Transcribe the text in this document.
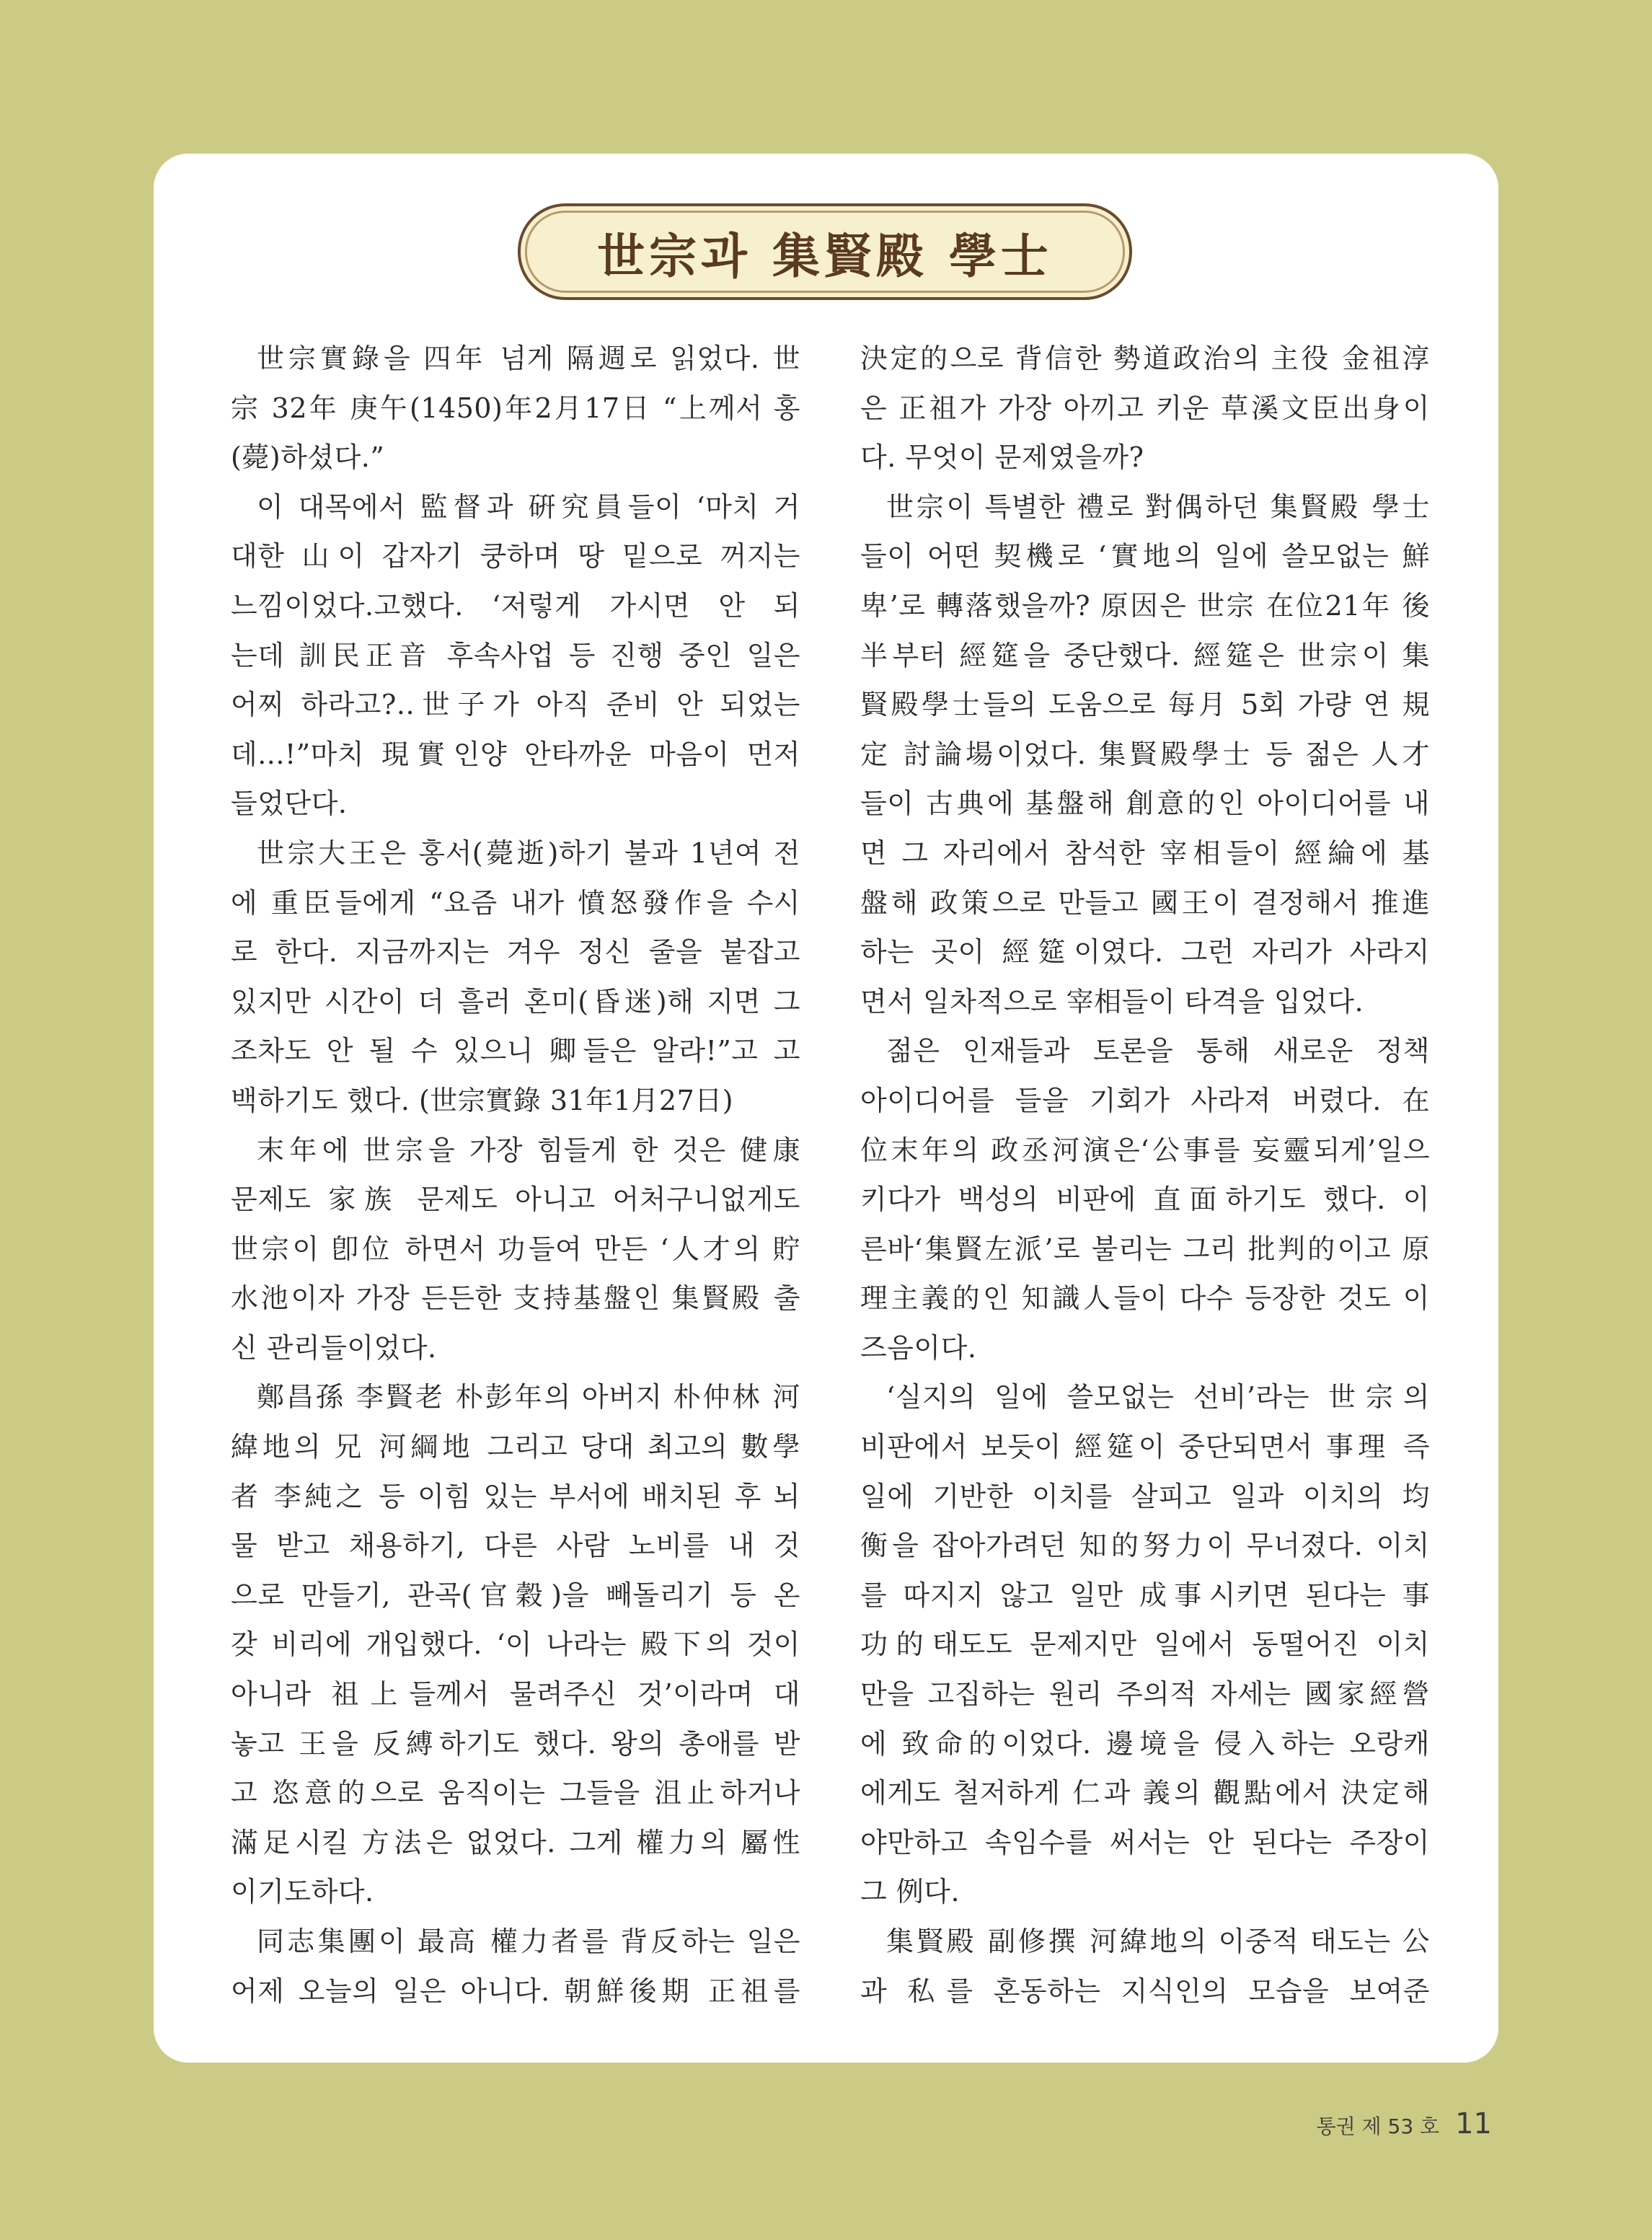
世宗과 集賢殿 學士
世宗實錄을 四年 넘게 隔週로 읽었다. 世
宗 32年 庚午(1450)年2月17日 “上께서 홍
(薨)하셨다.”
이 대목에서 監督과 硏究員들이 ‘마치 거
대한 山이 갑자기 쿵하며 땅 밑으로 꺼지는
느낌이었다.고했다. ‘저렇게 가시면 안 되
는데 訓民正音 후속사업 등 진행 중인 일은
어찌 하라고?..世子가 아직 준비 안 되었는
데...!”마치 現實인양 안타까운 마음이 먼저
들었단다.
世宗大王은 홍서(薨逝)하기 불과 1년여 전
에 重臣들에게 “요즘 내가 憤怒發作을 수시
로 한다. 지금까지는 겨우 정신 줄을 붙잡고
있지만 시간이 더 흘러 혼미(昏迷)해 지면 그
조차도 안 될 수 있으니 卿들은 알라!”고 고
백하기도 했다. (世宗實錄 31年1月27日)
末年에 世宗을 가장 힘들게 한 것은 健康
문제도 家族 문제도 아니고 어처구니없게도
世宗이 卽位 하면서 功들여 만든 ‘人才의 貯
水池이자 가장 든든한 支持基盤인 集賢殿 출
신 관리들이었다.
鄭昌孫 李賢老 朴彭年의 아버지 朴仲林 河
緯地의 兄 河綱地 그리고 당대 최고의 數學
者 李純之 등 이힘 있는 부서에 배치된 후 뇌
물 받고 채용하기, 다른 사람 노비를 내 것
으로 만들기, 관곡(官穀)을 빼돌리기 등 온
갖 비리에 개입했다. ‘이 나라는 殿下의 것이
아니라 祖上들께서 물려주신 것’이라며 대
놓고 王을 反縛하기도 했다. 왕의 총애를 받
고 恣意的으로 움직이는 그들을 沮止하거나
滿足시킬 方法은 없었다. 그게 權力의 屬性
이기도하다.
同志集團이 最高 權力者를 背反하는 일은
어제 오늘의 일은 아니다. 朝鮮後期 正祖를
決定的으로 背信한 勢道政治의 主役 金祖淳
은 正祖가 가장 아끼고 키운 草溪文臣出身이
다. 무엇이 문제였을까?
世宗이 특별한 禮로 對偶하던 集賢殿 學士
들이 어떤 契機로 ‘實地의 일에 쓸모없는 鮮
卑’로 轉落했을까? 原因은 世宗 在位21年 後
半부터 經筵을 중단했다. 經筵은 世宗이 集
賢殿學士들의 도움으로 每月 5회 가량 연 規
定 討論場이었다. 集賢殿學士 등 젊은 人才
들이 古典에 基盤해 創意的인 아이디어를 내
면 그 자리에서 참석한 宰相들이 經綸에 基
盤해 政策으로 만들고 國王이 결정해서 推進
하는 곳이 經筵이였다. 그런 자리가 사라지
면서 일차적으로 宰相들이 타격을 입었다.
젊은 인재들과 토론을 통해 새로운 정책
아이디어를 들을 기회가 사라져 버렸다. 在
位末年의 政丞河演은‘公事를 妄靈되게’일으
키다가 백성의 비판에 直面하기도 했다. 이
른바‘集賢左派’로 불리는 그리 批判的이고 原
理主義的인 知識人들이 다수 등장한 것도 이
즈음이다.
‘실지의 일에 쓸모없는 선비’라는 世宗의
비판에서 보듯이 經筵이 중단되면서 事理 즉
일에 기반한 이치를 살피고 일과 이치의 均
衡을 잡아가려던 知的努力이 무너졌다. 이치
를 따지지 않고 일만 成事시키면 된다는 事
功的태도도 문제지만 일에서 동떨어진 이치
만을 고집하는 원리 주의적 자세는 國家經營
에 致命的이었다. 邊境을 侵入하는 오랑캐
에게도 철저하게 仁과 義의 觀點에서 決定해
야만하고 속임수를 써서는 안 된다는 주장이
그 例다.
集賢殿 副修撰 河緯地의 이중적 태도는 公
과 私를 혼동하는 지식인의 모습을 보여준
통권 제 53 호 11
